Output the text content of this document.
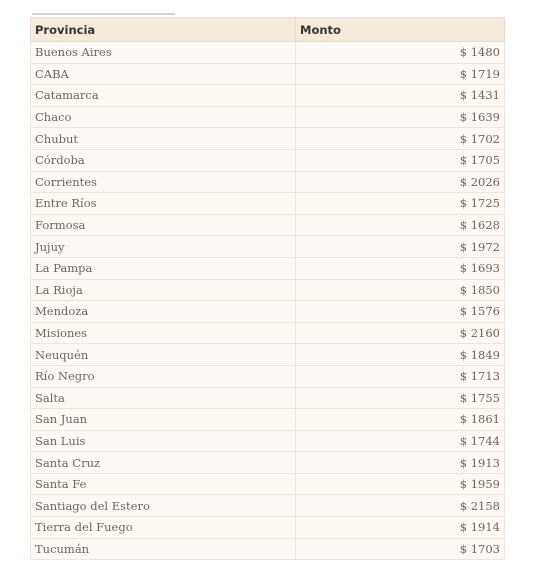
Provincia	Monto
Buenos Aires	$ 1480
CABA	$ 1719
Catamarca	$ 1431
Chaco	$ 1639
Chubut	$ 1702
Córdoba	$ 1705
Corrientes	$ 2026
Entre Ríos	$ 1725
Formosa	$ 1628
Jujuy	$ 1972
La Pampa	$ 1693
La Rioja	$ 1850
Mendoza	$ 1576
Misiones	$ 2160
Neuquén	$ 1849
Río Negro	$ 1713
Salta	$ 1755
San Juan	$ 1861
San Luis	$ 1744
Santa Cruz	$ 1913
Santa Fe	$ 1959
Santiago del Estero	$ 2158
Tierra del Fuego	$ 1914
Tucumán	$ 1703
